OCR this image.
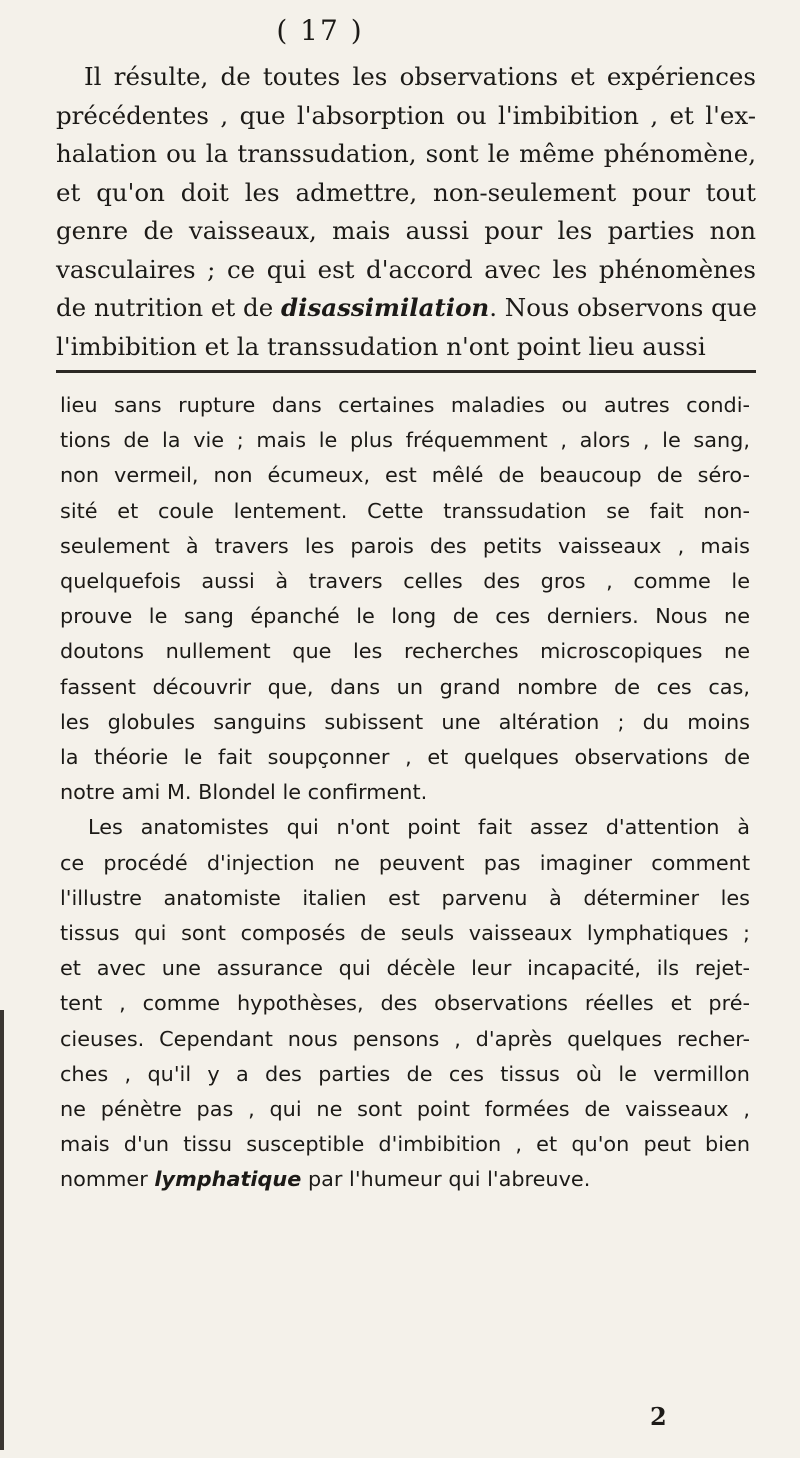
( 17 )
Il résulte, de toutes les observations et expériences
précédentes , que l'absorption ou l'imbibition , et l'ex-
halation ou la transsudation, sont le même phénomène,
et qu'on doit les admettre, non-seulement pour tout
genre de vaisseaux, mais aussi pour les parties non
vasculaires ; ce qui est d'accord avec les phénomènes
de nutrition et de disassimilation. Nous observons que
l'imbibition et la transsudation n'ont point lieu aussi
lieu sans rupture dans certaines maladies ou autres condi-
tions de la vie ; mais le plus fréquemment , alors , le sang,
non vermeil, non écumeux, est mêlé de beaucoup de séro-
sité et coule lentement. Cette transsudation se fait non-
seulement à travers les parois des petits vaisseaux , mais
quelquefois aussi à travers celles des gros , comme le
prouve le sang épanché le long de ces derniers. Nous ne
doutons nullement que les recherches microscopiques ne
fassent découvrir que, dans un grand nombre de ces cas,
les globules sanguins subissent une altération ; du moins
la théorie le fait soupçonner , et quelques observations de
notre ami M. Blondel le confirment.
Les anatomistes qui n'ont point fait assez d'attention à
ce procédé d'injection ne peuvent pas imaginer comment
l'illustre anatomiste italien est parvenu à déterminer les
tissus qui sont composés de seuls vaisseaux lymphatiques ;
et avec une assurance qui décèle leur incapacité, ils rejet-
tent , comme hypothèses, des observations réelles et pré-
cieuses. Cependant nous pensons , d'après quelques recher-
ches , qu'il y a des parties de ces tissus où le vermillon
ne pénètre pas , qui ne sont point formées de vaisseaux ,
mais d'un tissu susceptible d'imbibition , et qu'on peut bien
nommer lymphatique par l'humeur qui l'abreuve.
2
